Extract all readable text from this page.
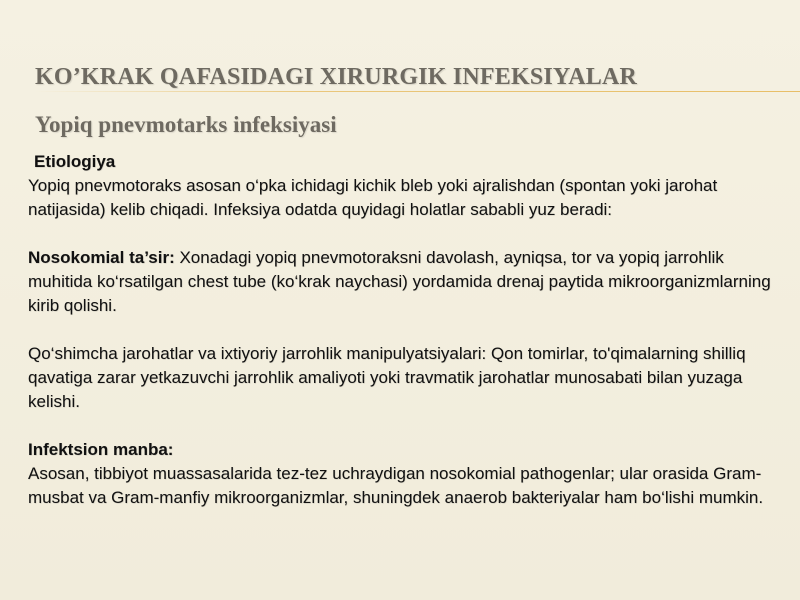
KO’KRAK QAFASIDAGI XIRURGIK INFEKSIYALAR
Yopiq pnevmotarks infeksiyasi

Etiologiya

Yopiq pnevmotoraks asosan o‘pka ichidagi kichik bleb yoki ajralishdan (spontan yoki jarohat natijasida) kelib chiqadi. Infeksiya odatda quyidagi holatlar sababli yuz beradi:

Nosokomial ta’sir: Xonadagi yopiq pnevmotoraksni davolash, ayniqsa, tor va yopiq jarrohlik muhitida ko‘rsatilgan chest tube (ko‘krak naychasi) yordamida drenaj paytida mikroorganizmlarning kirib qolishi.

Qo‘shimcha jarohatlar va ixtiyoriy jarrohlik manipulyatsiyalari: Qon tomirlar, to'qimalarning shilliq qavatiga zarar yetkazuvchi jarrohlik amaliyoti yoki travmatik jarohatlar munosabati bilan yuzaga kelishi.

Infektsion manba:

Asosan, tibbiyot muassasalarida tez-tez uchraydigan nosokomial pathogenlar; ular orasida Gram-musbat va Gram-manfiy mikroorganizmlar, shuningdek anaerob bakteriyalar ham bo‘lishi mumkin.
